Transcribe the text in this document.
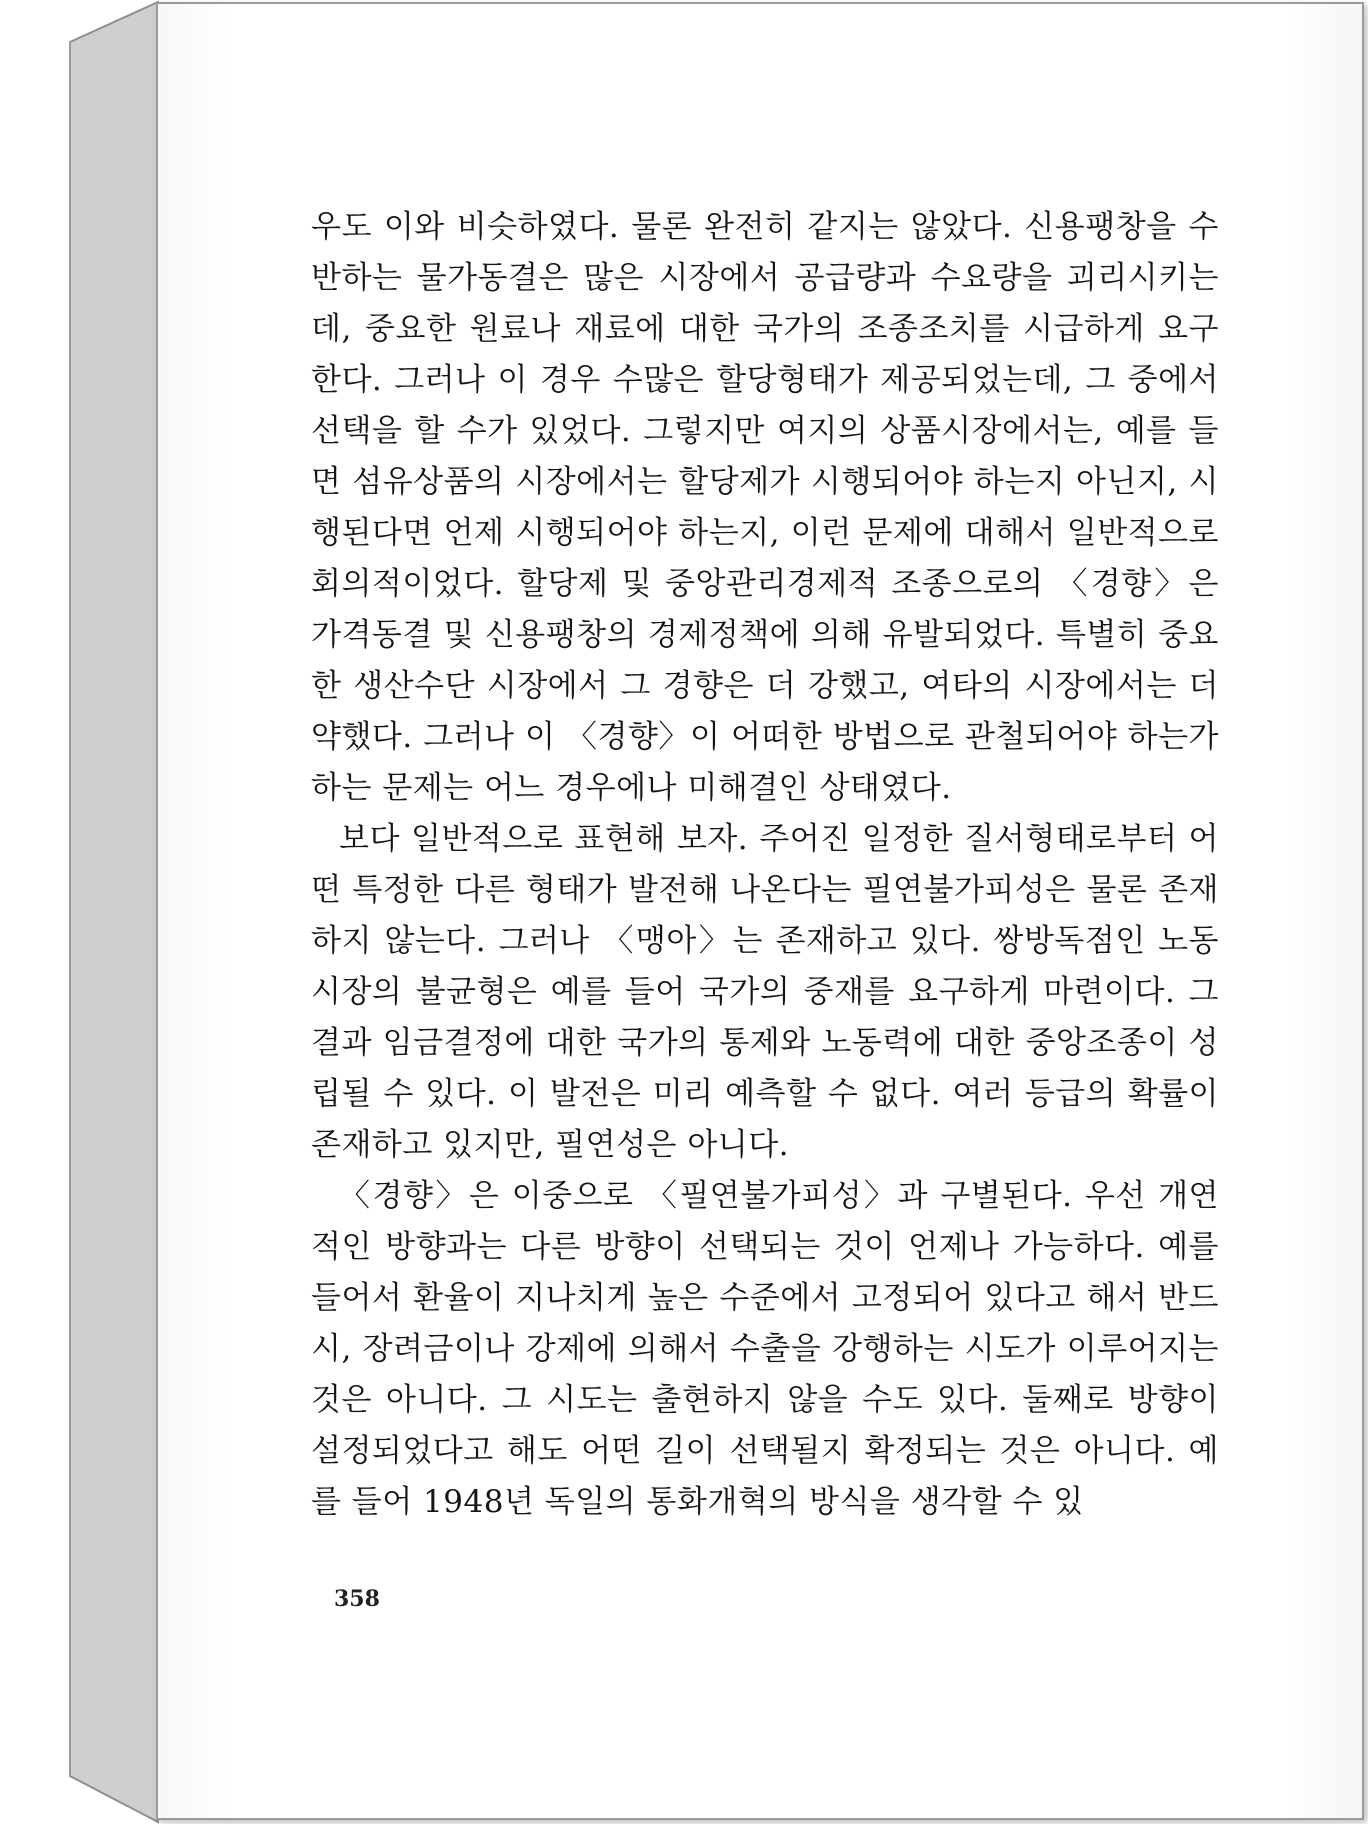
우도 이와 비슷하였다. 물론 완전히 같지는 않았다. 신용팽창을 수반하는 물가동결은 많은 시장에서 공급량과 수요량을 괴리시키는데, 중요한 원료나 재료에 대한 국가의 조종조치를 시급하게 요구한다. 그러나 이 경우 수많은 할당형태가 제공되었는데, 그 중에서 선택을 할 수가 있었다. 그렇지만 여지의 상품시장에서는, 예를 들면 섬유상품의 시장에서는 할당제가 시행되어야 하는지 아닌지, 시행된다면 언제 시행되어야 하는지, 이런 문제에 대해서 일반적으로 회의적이었다. 할당제 및 중앙관리경제적 조종으로의 〈경향〉은 가격동결 및 신용팽창의 경제정책에 의해 유발되었다. 특별히 중요한 생산수단 시장에서 그 경향은 더 강했고, 여타의 시장에서는 더 약했다. 그러나 이 〈경향〉이 어떠한 방법으로 관철되어야 하는가 하는 문제는 어느 경우에나 미해결인 상태였다.

보다 일반적으로 표현해 보자. 주어진 일정한 질서형태로부터 어떤 특정한 다른 형태가 발전해 나온다는 필연불가피성은 물론 존재하지 않는다. 그러나 〈맹아〉는 존재하고 있다. 쌍방독점인 노동시장의 불균형은 예를 들어 국가의 중재를 요구하게 마련이다. 그 결과 임금결정에 대한 국가의 통제와 노동력에 대한 중앙조종이 성립될 수 있다. 이 발전은 미리 예측할 수 없다. 여러 등급의 확률이 존재하고 있지만, 필연성은 아니다.

〈경향〉은 이중으로 〈필연불가피성〉과 구별된다. 우선 개연적인 방향과는 다른 방향이 선택되는 것이 언제나 가능하다. 예를 들어서 환율이 지나치게 높은 수준에서 고정되어 있다고 해서 반드시, 장려금이나 강제에 의해서 수출을 강행하는 시도가 이루어지는 것은 아니다. 그 시도는 출현하지 않을 수도 있다. 둘째로 방향이 설정되었다고 해도 어떤 길이 선택될지 확정되는 것은 아니다. 예를 들어 1948년 독일의 통화개혁의 방식을 생각할 수 있

358
